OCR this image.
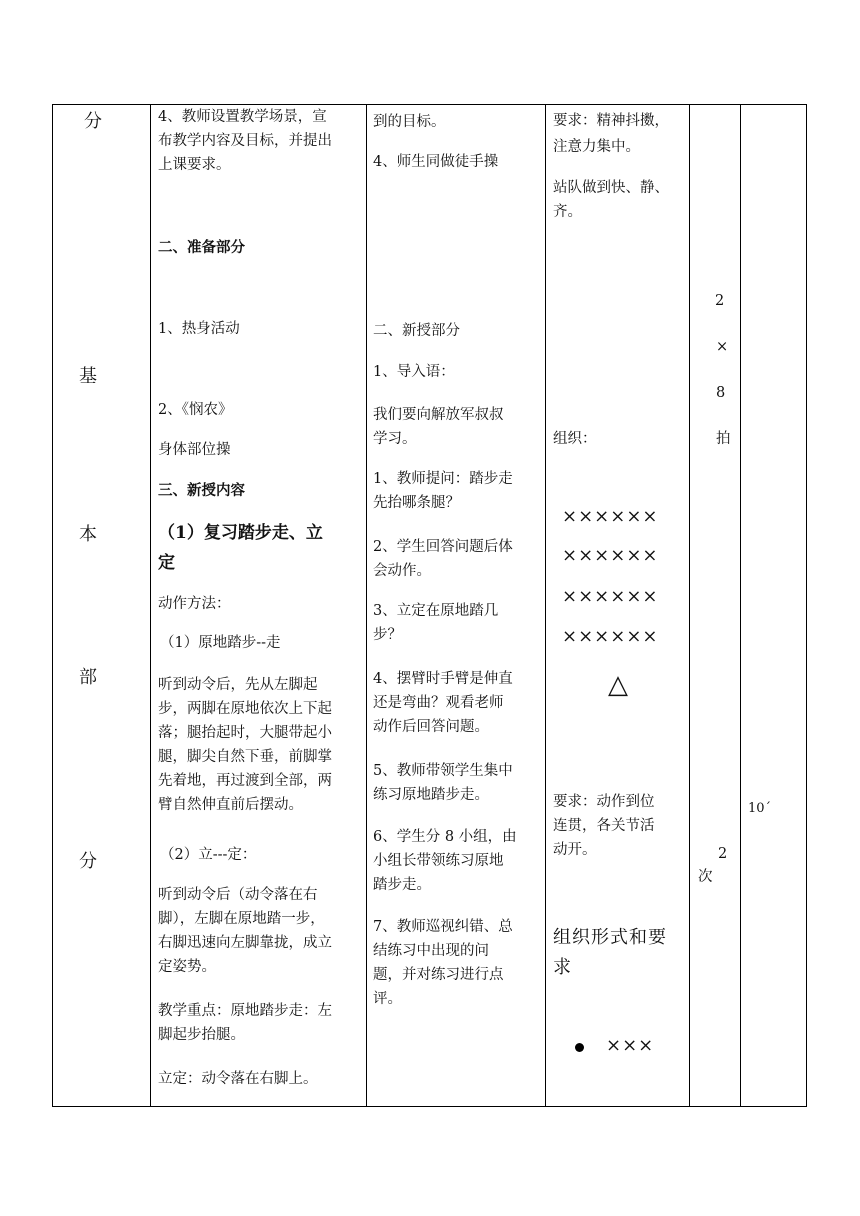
分
基
本
部
分
4、教师设置教学场景，宣
布教学内容及目标，并提出
上课要求。
二、准备部分
1、热身活动
2、《悯农》
身体部位操
三、新授内容
（1）复习踏步走、立
定
动作方法：
（1）原地踏步--走
听到动令后，先从左脚起
步，两脚在原地依次上下起
落；腿抬起时，大腿带起小
腿，脚尖自然下垂，前脚掌
先着地，再过渡到全部，两
臂自然伸直前后摆动。
（2）立---定：
听到动令后（动令落在右
脚），左脚在原地踏一步，
右脚迅速向左脚靠拢，成立
定姿势。
教学重点：原地踏步走：左
脚起步抬腿。
立定：动令落在右脚上。
到的目标。
4、师生同做徒手操
二、新授部分
1、导入语：
我们要向解放军叔叔
学习。
1、教师提问：踏步走
先抬哪条腿？
2、学生回答问题后体
会动作。
3、立定在原地踏几
步？
4、摆臂时手臂是伸直
还是弯曲？观看老师
动作后回答问题。
5、教师带领学生集中
练习原地踏步走。
6、学生分 8 小组，由
小组长带领练习原地
踏步走。
7、教师巡视纠错、总
结练习中出现的问
题，并对练习进行点
评。
要求：精神抖擞，
注意力集中。
站队做到快、静、
齐。
组织：
××××××
××××××
××××××
××××××
△
要求：动作到位
连贯，各关节活
动开。
组织形式和要
求
×××
2
×
8
拍
2
次
10´
